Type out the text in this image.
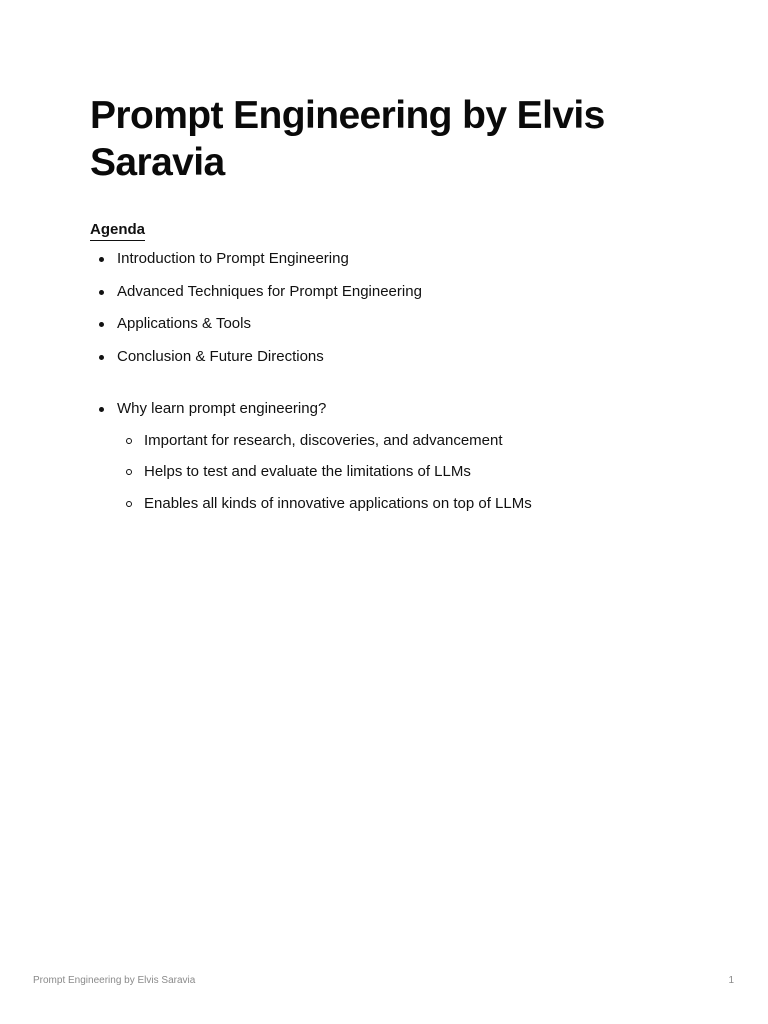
Prompt Engineering by Elvis Saravia
Agenda
Introduction to Prompt Engineering
Advanced Techniques for Prompt Engineering
Applications & Tools
Conclusion & Future Directions
Why learn prompt engineering?
Important for research, discoveries, and advancement
Helps to test and evaluate the limitations of LLMs
Enables all kinds of innovative applications on top of LLMs
Prompt Engineering by Elvis Saravia	1
